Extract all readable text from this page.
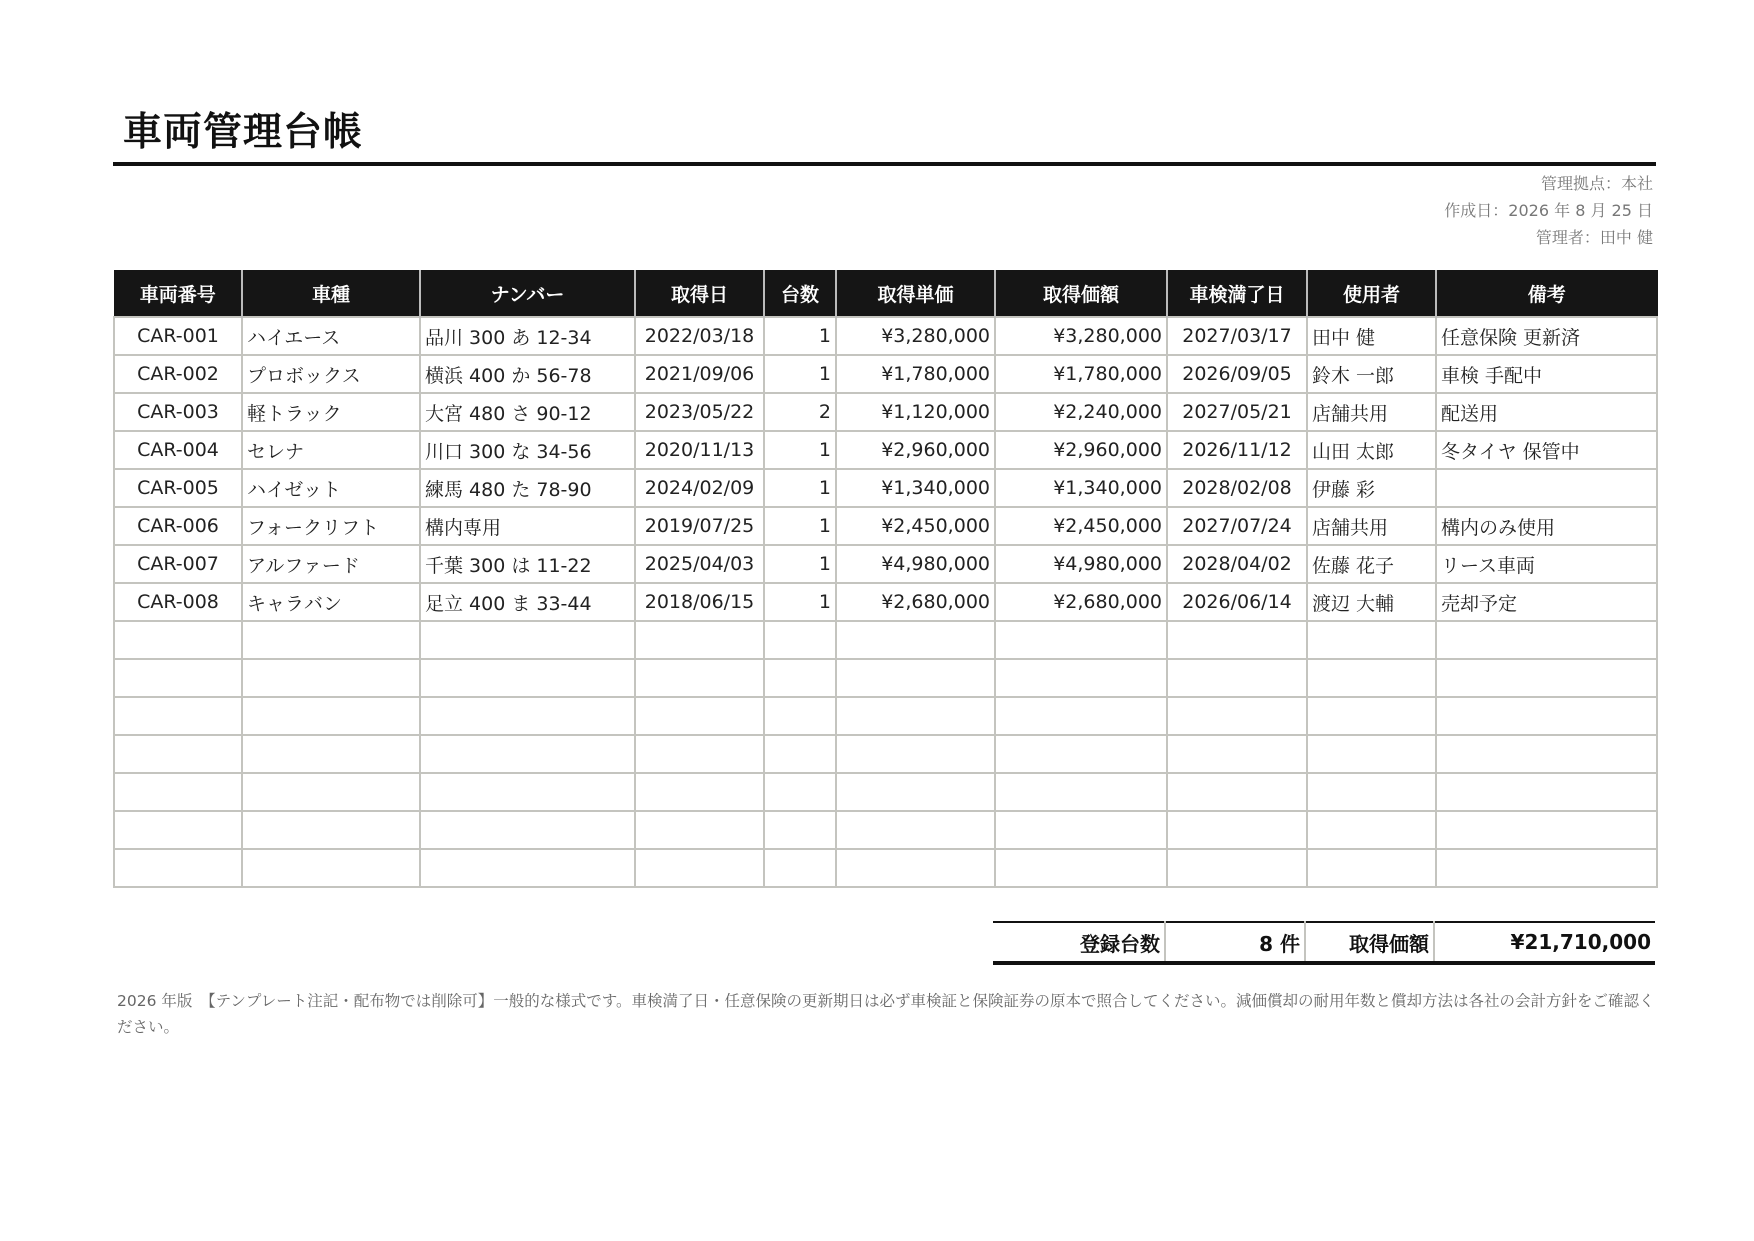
車両管理台帳
管理拠点：本社
作成日：2026 年 8 月 25 日
管理者：田中 健
車両番号	車種	ナンバー	取得日	台数	取得単価	取得価額	車検満了日	使用者	備考
CAR-001	ハイエース	品川 300 あ 12-34	2022/03/18	1	¥3,280,000	¥3,280,000	2027/03/17	田中 健	任意保険 更新済
CAR-002	プロボックス	横浜 400 か 56-78	2021/09/06	1	¥1,780,000	¥1,780,000	2026/09/05	鈴木 一郎	車検 手配中
CAR-003	軽トラック	大宮 480 さ 90-12	2023/05/22	2	¥1,120,000	¥2,240,000	2027/05/21	店舗共用	配送用
CAR-004	セレナ	川口 300 な 34-56	2020/11/13	1	¥2,960,000	¥2,960,000	2026/11/12	山田 太郎	冬タイヤ 保管中
CAR-005	ハイゼット	練馬 480 た 78-90	2024/02/09	1	¥1,340,000	¥1,340,000	2028/02/08	伊藤 彩	
CAR-006	フォークリフト	構内専用	2019/07/25	1	¥2,450,000	¥2,450,000	2027/07/24	店舗共用	構内のみ使用
CAR-007	アルファード	千葉 300 は 11-22	2025/04/03	1	¥4,980,000	¥4,980,000	2028/04/02	佐藤 花子	リース車両
CAR-008	キャラバン	足立 400 ま 33-44	2018/06/15	1	¥2,680,000	¥2,680,000	2026/06/14	渡辺 大輔	売却予定

登録台数	8 件	取得価額	¥21,710,000
2026 年版　【テンプレート注記・配布物では削除可】一般的な様式です。車検満了日・任意保険の更新期日は必ず車検証と保険証券の原本で照合してください。減価償却の耐用年数と償却方法は各社の会計方針をご確認ください。
